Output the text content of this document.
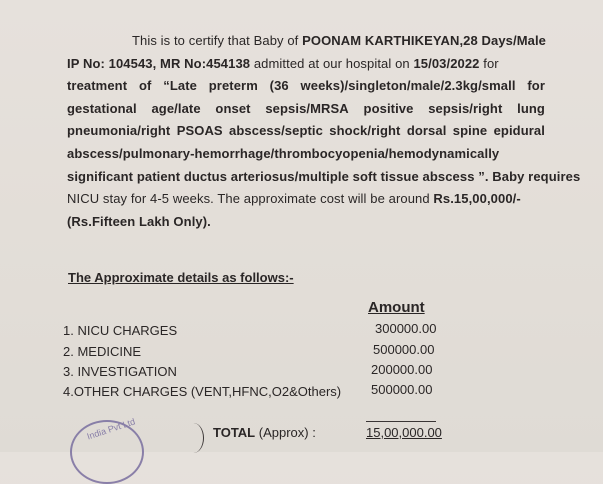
This is to certify that Baby of POONAM KARTHIKEYAN,28 Days/Male
IP No: 104543, MR No:454138 admitted at our hospital on 15/03/2022 for
treatment of “Late preterm (36 weeks)/singleton/male/2.3kg/small for
gestational age/late onset sepsis/MRSA positive sepsis/right lung
pneumonia/right PSOAS abscess/septic shock/right dorsal spine epidural
abscess/pulmonary-hemorrhage/thrombocyopenia/hemodynamically
significant patient ductus arteriosus/multiple soft tissue abscess ”. Baby requires
NICU stay for 4-5 weeks. The approximate cost will be around Rs.15,00,000/-
(Rs.Fifteen Lakh Only).
The Approximate details as follows:-
Amount
1. NICU CHARGES	300000.00
2. MEDICINE	500000.00
3. INVESTIGATION	200000.00
4.OTHER CHARGES (VENT,HFNC,O2&Others) 500000.00
TOTAL (Approx) :	15,00,000.00
India Pvt Ltd
